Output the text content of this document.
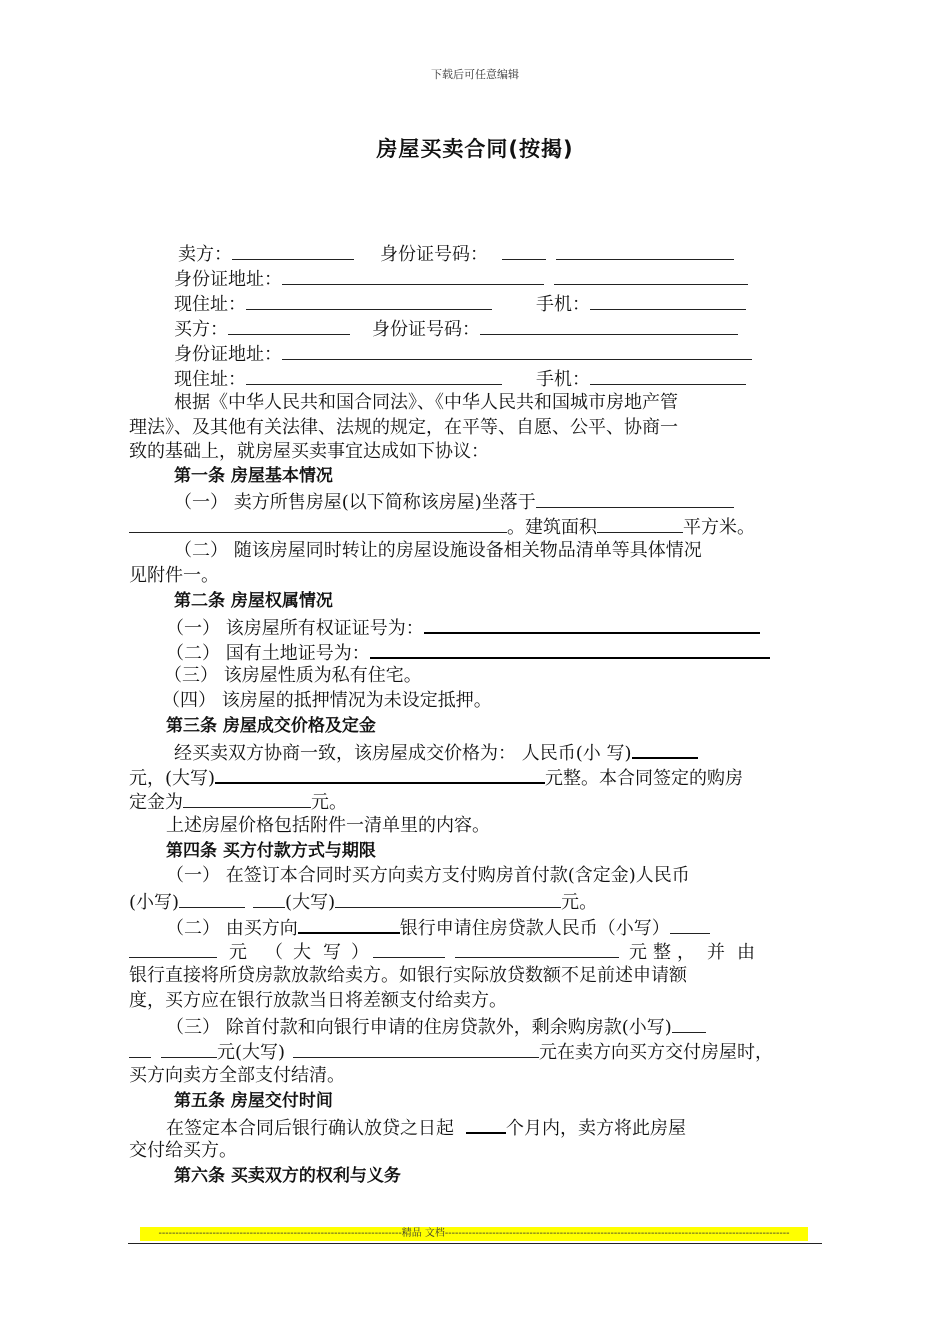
下载后可任意编辑
房屋买卖合同(按揭)
卖方：	身份证号码：
身份证地址：
现住址：	手机：
买方：	身份证号码：
身份证地址：
现住址：	手机：
根据《中华人民共和国合同法》、《中华人民共和国城市房地产管
理法》、及其他有关法律、法规的规定，在平等、自愿、公平、协商一
致的基础上，就房屋买卖事宜达成如下协议：
第一条 房屋基本情况
（一） 卖方所售房屋(以下简称该房屋)坐落于
。建筑面积	平方米。
（二） 随该房屋同时转让的房屋设施设备相关物品清单等具体情况
见附件一。
第二条 房屋权属情况
（一） 该房屋所有权证证号为：
（二） 国有土地证号为：
（三） 该房屋性质为私有住宅。
（四） 该房屋的抵押情况为未设定抵押。
第三条 房屋成交价格及定金
经买卖双方协商一致，该房屋成交价格为： 人民币(小 写)
元，(大写)	元整。本合同签定的购房
定金为	元。
上述房屋价格包括附件一清单里的内容。
第四条 买方付款方式与期限
（一） 在签订本合同时买方向卖方支付购房首付款(含定金)人民币
(小写)	(大写)	元。
（二） 由买方向	银行申请住房贷款人民币（小写）
元 （ 大 写 ）	元 整 ， 并 由
银行直接将所贷房款放款给卖方。如银行实际放贷数额不足前述申请额
度，买方应在银行放款当日将差额支付给卖方。
（三） 除首付款和向银行申请的住房贷款外，剩余购房款(小写)
元(大写)	元在卖方向买方交付房屋时，
买方向卖方全部支付结清。
第五条 房屋交付时间
在签定本合同后银行确认放贷之日起	个月内，卖方将此房屋
交付给买方。
第六条 买卖双方的权利与义务
------------------------------------------------------------------------精品 文档------------------------------------------------------------------------------------------------------
